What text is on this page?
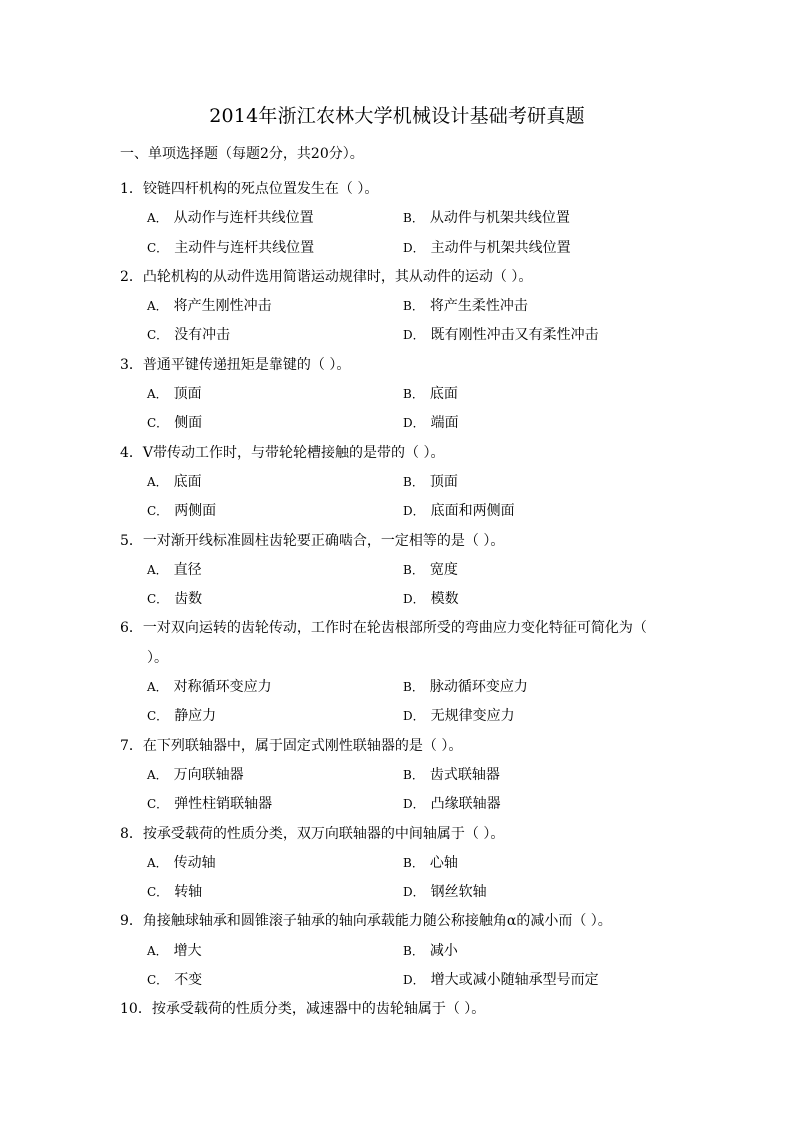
2014年浙江农林大学机械设计基础考研真题
一、单项选择题（每题2分，共20分）。
1．铰链四杆机构的死点位置发生在（ ）。
A． 从动作与连杆共线位置	B． 从动件与机架共线位置
C． 主动件与连杆共线位置	D． 主动件与机架共线位置
2．凸轮机构的从动件选用简谐运动规律时，其从动件的运动（ ）。
A． 将产生刚性冲击	B． 将产生柔性冲击
C． 没有冲击	D． 既有刚性冲击又有柔性冲击
3．普通平键传递扭矩是靠键的（ ）。
A． 顶面	B． 底面
C． 侧面	D． 端面
4．V带传动工作时，与带轮轮槽接触的是带的（ ）。
A． 底面	B． 顶面
C． 两侧面	D． 底面和两侧面
5．一对渐开线标准圆柱齿轮要正确啮合，一定相等的是（ ）。
A． 直径	B． 宽度
C． 齿数	D． 模数
6．一对双向运转的齿轮传动，工作时在轮齿根部所受的弯曲应力变化特征可简化为（
）。
A． 对称循环变应力	B． 脉动循环变应力
C． 静应力	D． 无规律变应力
7．在下列联轴器中，属于固定式刚性联轴器的是（ ）。
A． 万向联轴器	B． 齿式联轴器
C． 弹性柱销联轴器	D． 凸缘联轴器
8．按承受载荷的性质分类，双万向联轴器的中间轴属于（ ）。
A． 传动轴	B． 心轴
C． 转轴	D． 钢丝软轴
9．角接触球轴承和圆锥滚子轴承的轴向承载能力随公称接触角α的减小而（ ）。
A． 增大	B． 减小
C． 不变	D． 增大或减小随轴承型号而定
10．按承受载荷的性质分类，减速器中的齿轮轴属于（ ）。
